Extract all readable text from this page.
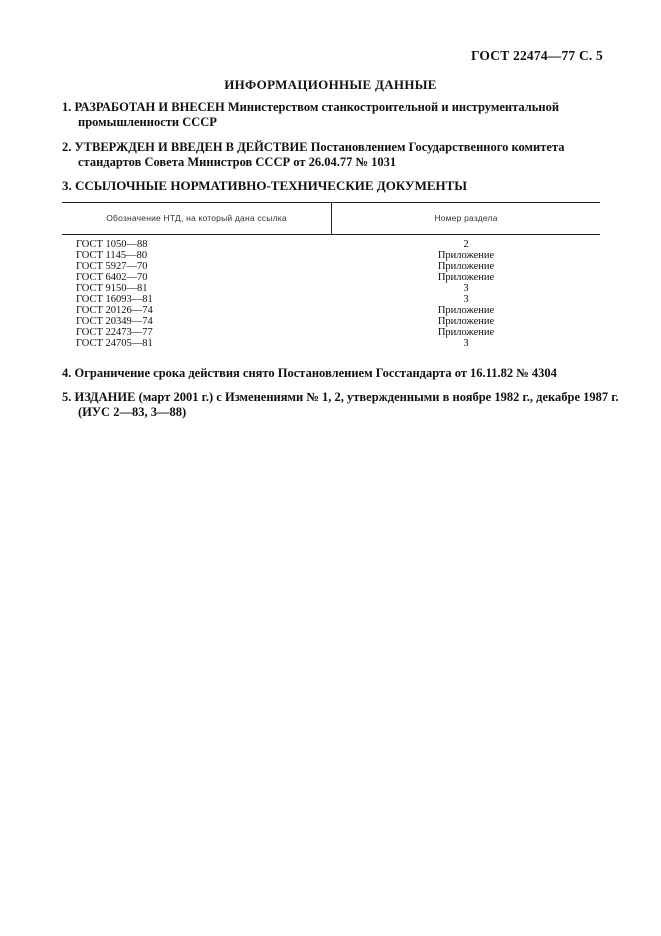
ГОСТ 22474—77 С. 5
ИНФОРМАЦИОННЫЕ ДАННЫЕ
1. РАЗРАБОТАН И ВНЕСЕН Министерством станкостроительной и инструментальной промышленности СССР
2. УТВЕРЖДЕН И ВВЕДЕН В ДЕЙСТВИЕ Постановлением Государственного комитета стандартов Совета Министров СССР от 26.04.77 № 1031
3. ССЫЛОЧНЫЕ НОРМАТИВНО-ТЕХНИЧЕСКИЕ ДОКУМЕНТЫ
Обозначение НТД, на который дана ссылка	Номер раздела
ГОСТ 1050—88	2
ГОСТ 1145—80	Приложение
ГОСТ 5927—70	Приложение
ГОСТ 6402—70	Приложение
ГОСТ 9150—81	3
ГОСТ 16093—81	3
ГОСТ 20126—74	Приложение
ГОСТ 20349—74	Приложение
ГОСТ 22473—77	Приложение
ГОСТ 24705—81	3
4. Ограничение срока действия снято Постановлением Госстандарта от 16.11.82 № 4304
5. ИЗДАНИЕ (март 2001 г.) с Изменениями № 1, 2, утвержденными в ноябре 1982 г., декабре 1987 г. (ИУС 2—83, 3—88)
